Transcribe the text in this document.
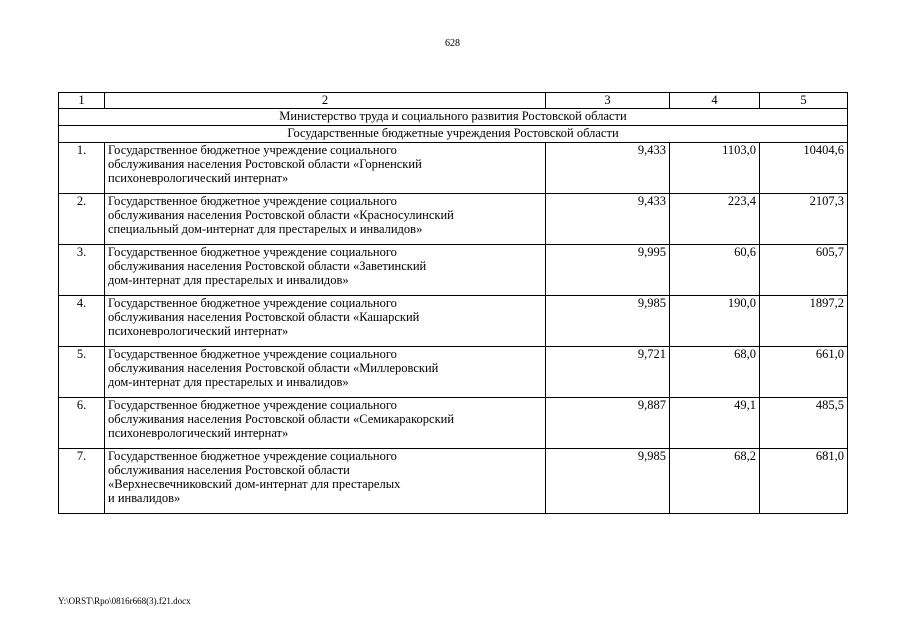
628
1	2	3	4	5
Министерство труда и социального развития Ростовской области				
Государственные бюджетные учреждения Ростовской области				
1.	Государственное бюджетное учреждение социального
обслуживания населения Ростовской области «Горненский
психоневрологический интернат»	9,433	1103,0	10404,6
2.	Государственное бюджетное учреждение социального
обслуживания населения Ростовской области «Красносулинский
специальный дом-интернат для престарелых и инвалидов»	9,433	223,4	2107,3
3.	Государственное бюджетное учреждение социального
обслуживания населения Ростовской области «Заветинский
дом-интернат для престарелых и инвалидов»	9,995	60,6	605,7
4.	Государственное бюджетное учреждение социального
обслуживания населения Ростовской области «Кашарский
психоневрологический интернат»	9,985	190,0	1897,2
5.	Государственное бюджетное учреждение социального
обслуживания населения Ростовской области «Миллеровский
дом-интернат для престарелых и инвалидов»	9,721	68,0	661,0
6.	Государственное бюджетное учреждение социального
обслуживания населения Ростовской области «Семикаракорский
психоневрологический интернат»	9,887	49,1	485,5
7.	Государственное бюджетное учреждение социального
обслуживания населения Ростовской области
«Верхнесвечниковский дом-интернат для престарелых
и инвалидов»	9,985	68,2	681,0
Y:\ORST\Rpo\0816r668(3).f21.docx
